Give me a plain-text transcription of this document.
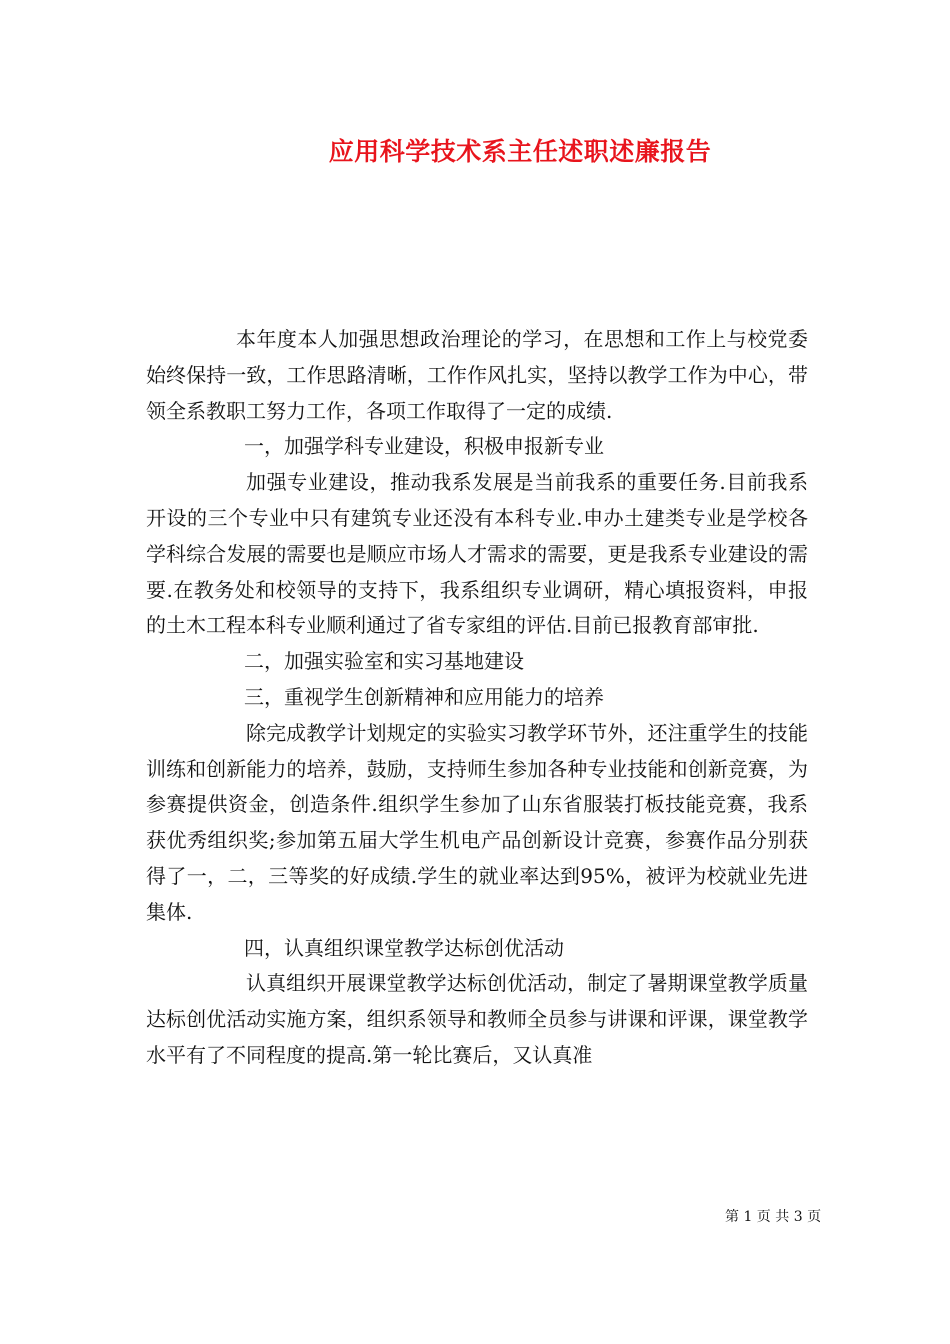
应用科学技术系主任述职述廉报告

本年度本人加强思想政治理论的学习，在思想和工作上与校党委始终保持一致，工作思路清晰，工作作风扎实，坚持以教学工作为中心，带领全系教职工努力工作，各项工作取得了一定的成绩.

一，加强学科专业建设，积极申报新专业

加强专业建设，推动我系发展是当前我系的重要任务.目前我系开设的三个专业中只有建筑专业还没有本科专业.申办土建类专业是学校各学科综合发展的需要也是顺应市场人才需求的需要，更是我系专业建设的需要.在教务处和校领导的支持下，我系组织专业调研，精心填报资料，申报的土木工程本科专业顺利通过了省专家组的评估.目前已报教育部审批.

二，加强实验室和实习基地建设

三，重视学生创新精神和应用能力的培养

除完成教学计划规定的实验实习教学环节外，还注重学生的技能训练和创新能力的培养，鼓励，支持师生参加各种专业技能和创新竞赛，为参赛提供资金，创造条件.组织学生参加了山东省服装打板技能竞赛，我系获优秀组织奖;参加第五届大学生机电产品创新设计竞赛，参赛作品分别获得了一，二，三等奖的好成绩.学生的就业率达到95%，被评为校就业先进集体.

四，认真组织课堂教学达标创优活动

认真组织开展课堂教学达标创优活动，制定了暑期课堂教学质量达标创优活动实施方案，组织系领导和教师全员参与讲课和评课，课堂教学水平有了不同程度的提高.第一轮比赛后，又认真准

第 1 页 共 3 页
